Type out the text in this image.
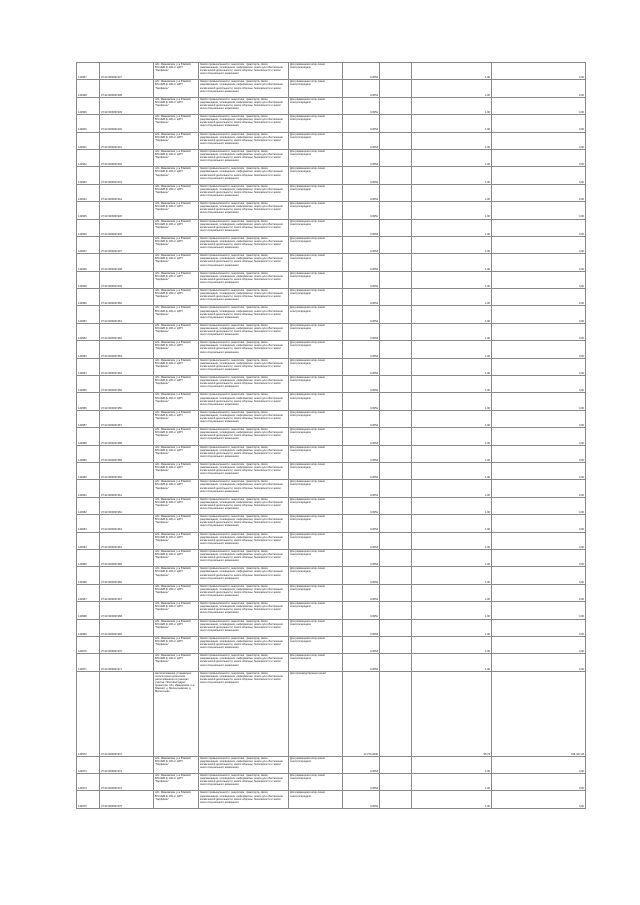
143937	37:22:000000:937	обл. Ивановская, р-н Южский, ВЛ-10кВ ф.106 от ЦРП "Гарфинон"	Земли промышленности, энергетики, транспорта, связи, радиовещания, телевидения, информатики, земли для обеспечения космической деятельности, земли обороны, безопасности и земли иного специального назначения	Для размещения опор линии электропередачи	0,0054		1,00	0,00
143938	37:22:000000:938	обл. Ивановская, р-н Южский, ВЛ-10кВ ф.106 от ЦРП "Гарфинон"	Земли промышленности, энергетики, транспорта, связи, радиовещания, телевидения, информатики, земли для обеспечения космической деятельности, земли обороны, безопасности и земли иного специального назначения	Для размещения опор линии электропередачи	0,0054		1,00	0,00
143939	37:22:000000:939	обл. Ивановская, р-н Южский, ВЛ-10кВ ф.106 от ЦРП "Гарфинон"	Земли промышленности, энергетики, транспорта, связи, радиовещания, телевидения, информатики, земли для обеспечения космической деятельности, земли обороны, безопасности и земли иного специального назначения	Для размещения опор линии электропередачи	0,0054		1,00	0,00
143940	37:22:000000:940	обл. Ивановская, р-н Южский, ВЛ-10кВ ф.106 от ЦРП "Гарфинон"	Земли промышленности, энергетики, транспорта, связи, радиовещания, телевидения, информатики, земли для обеспечения космической деятельности, земли обороны, безопасности и земли иного специального назначения	Для размещения опор линии электропередачи	0,0054		1,00	0,00
143941	37:22:000000:941	обл. Ивановская, р-н Южский, ВЛ-10кВ ф.106 от ЦРП "Гарфинон"	Земли промышленности, энергетики, транспорта, связи, радиовещания, телевидения, информатики, земли для обеспечения космической деятельности, земли обороны, безопасности и земли иного специального назначения	Для размещения опор линии электропередачи	0,0054		1,00	0,00
143942	37:22:000000:942	обл. Ивановская, р-н Южский, ВЛ-10кВ ф.106 от ЦРП "Гарфинон"	Земли промышленности, энергетики, транспорта, связи, радиовещания, телевидения, информатики, земли для обеспечения космической деятельности, земли обороны, безопасности и земли иного специального назначения	Для размещения опор линии электропередачи	0,0054		1,00	0,00
143943	37:22:000000:943	обл. Ивановская, р-н Южский, ВЛ-10кВ ф.106 от ЦРП "Гарфинон"	Земли промышленности, энергетики, транспорта, связи, радиовещания, телевидения, информатики, земли для обеспечения космической деятельности, земли обороны, безопасности и земли иного специального назначения	Для размещения опор линии электропередачи	0,0054		1,00	0,00
143944	37:22:000000:944	обл. Ивановская, р-н Южский, ВЛ-10кВ ф.106 от ЦРП "Гарфинон"	Земли промышленности, энергетики, транспорта, связи, радиовещания, телевидения, информатики, земли для обеспечения космической деятельности, земли обороны, безопасности и земли иного специального назначения	Для размещения опор линии электропередачи	0,0054		1,00	0,00
143945	37:22:000000:945	обл. Ивановская, р-н Южский, ВЛ-10кВ ф.106 от ЦРП "Гарфинон"	Земли промышленности, энергетики, транспорта, связи, радиовещания, телевидения, информатики, земли для обеспечения космической деятельности, земли обороны, безопасности и земли иного специального назначения	Для размещения опор линии электропередачи	0,0054		1,00	0,00
143946	37:22:000000:946	обл. Ивановская, р-н Южский, ВЛ-10кВ ф.106 от ЦРП "Гарфинон"	Земли промышленности, энергетики, транспорта, связи, радиовещания, телевидения, информатики, земли для обеспечения космической деятельности, земли обороны, безопасности и земли иного специального назначения	Для размещения опор линии электропередачи	0,0054		1,00	0,00
143947	37:22:000000:947	обл. Ивановская, р-н Южский, ВЛ-10кВ ф.106 от ЦРП "Гарфинон"	Земли промышленности, энергетики, транспорта, связи, радиовещания, телевидения, информатики, земли для обеспечения космической деятельности, земли обороны, безопасности и земли иного специального назначения	Для размещения опор линии электропередачи	0,0054		1,00	0,00
143948	37:22:000000:948	обл. Ивановская, р-н Южский, ВЛ-10кВ ф.106 от ЦРП "Гарфинон"	Земли промышленности, энергетики, транспорта, связи, радиовещания, телевидения, информатики, земли для обеспечения космической деятельности, земли обороны, безопасности и земли иного специального назначения	Для размещения опор линии электропередачи	0,0054		1,00	0,00
143949	37:22:000000:949	обл. Ивановская, р-н Южский, ВЛ-10кВ ф.106 от ЦРП "Гарфинон"	Земли промышленности, энергетики, транспорта, связи, радиовещания, телевидения, информатики, земли для обеспечения космической деятельности, земли обороны, безопасности и земли иного специального назначения	Для размещения опор линии электропередачи	0,0054		1,00	0,00
143950	37:22:000000:950	обл. Ивановская, р-н Южский, ВЛ-10кВ ф.106 от ЦРП "Гарфинон"	Земли промышленности, энергетики, транспорта, связи, радиовещания, телевидения, информатики, земли для обеспечения космической деятельности, земли обороны, безопасности и земли иного специального назначения	Для размещения опор линии электропередачи	0,0054		1,00	0,00
143951	37:22:000000:951	обл. Ивановская, р-н Южский, ВЛ-10кВ ф.106 от ЦРП "Гарфинон"	Земли промышленности, энергетики, транспорта, связи, радиовещания, телевидения, информатики, земли для обеспечения космической деятельности, земли обороны, безопасности и земли иного специального назначения	Для размещения опор линии электропередачи	0,0054		1,00	0,00
143952	37:22:000000:952	обл. Ивановская, р-н Южский, ВЛ-10кВ ф.106 от ЦРП "Гарфинон"	Земли промышленности, энергетики, транспорта, связи, радиовещания, телевидения, информатики, земли для обеспечения космической деятельности, земли обороны, безопасности и земли иного специального назначения	Для размещения опор линии электропередачи	0,0054		1,00	0,00
143953	37:22:000000:953	обл. Ивановская, р-н Южский, ВЛ-10кВ ф.106 от ЦРП "Гарфинон"	Земли промышленности, энергетики, транспорта, связи, радиовещания, телевидения, информатики, земли для обеспечения космической деятельности, земли обороны, безопасности и земли иного специального назначения	Для размещения опор линии электропередачи	0,0054		1,00	0,00
143954	37:22:000000:954	обл. Ивановская, р-н Южский, ВЛ-10кВ ф.106 от ЦРП "Гарфинон"	Земли промышленности, энергетики, транспорта, связи, радиовещания, телевидения, информатики, земли для обеспечения космической деятельности, земли обороны, безопасности и земли иного специального назначения	Для размещения опор линии электропередачи	0,0054		1,00	0,00
143955	37:22:000000:955	обл. Ивановская, р-н Южский, ВЛ-10кВ ф.106 от ЦРП "Гарфинон"	Земли промышленности, энергетики, транспорта, связи, радиовещания, телевидения, информатики, земли для обеспечения космической деятельности, земли обороны, безопасности и земли иного специального назначения	Для размещения опор линии электропередачи	0,0054		1,00	0,00
143956	37:22:000000:956	обл. Ивановская, р-н Южский, ВЛ-10кВ ф.106 от ЦРП "Гарфинон"	Земли промышленности, энергетики, транспорта, связи, радиовещания, телевидения, информатики, земли для обеспечения космической деятельности, земли обороны, безопасности и земли иного специального назначения	Для размещения опор линии электропередачи	0,0054		1,00	0,00
143957	37:22:000000:957	обл. Ивановская, р-н Южский, ВЛ-10кВ ф.106 от ЦРП "Гарфинон"	Земли промышленности, энергетики, транспорта, связи, радиовещания, телевидения, информатики, земли для обеспечения космической деятельности, земли обороны, безопасности и земли иного специального назначения	Для размещения опор линии электропередачи	0,0054		1,00	0,00
143958	37:22:000000:958	обл. Ивановская, р-н Южский, ВЛ-10кВ ф.106 от ЦРП "Гарфинон"	Земли промышленности, энергетики, транспорта, связи, радиовещания, телевидения, информатики, земли для обеспечения космической деятельности, земли обороны, безопасности и земли иного специального назначения	Для размещения опор линии электропередачи	0,0054		1,00	0,00
143959	37:22:000000:959	обл. Ивановская, р-н Южский, ВЛ-10кВ ф.106 от ЦРП "Гарфинон"	Земли промышленности, энергетики, транспорта, связи, радиовещания, телевидения, информатики, земли для обеспечения космической деятельности, земли обороны, безопасности и земли иного специального назначения	Для размещения опор линии электропередачи	0,0054		1,00	0,00
143960	37:22:000000:960	обл. Ивановская, р-н Южский, ВЛ-10кВ ф.106 от ЦРП "Гарфинон"	Земли промышленности, энергетики, транспорта, связи, радиовещания, телевидения, информатики, земли для обеспечения космической деятельности, земли обороны, безопасности и земли иного специального назначения	Для размещения опор линии электропередачи	0,0054		1,00	0,00
143961	37:22:000000:961	обл. Ивановская, р-н Южский, ВЛ-10кВ ф.106 от ЦРП "Гарфинон"	Земли промышленности, энергетики, транспорта, связи, радиовещания, телевидения, информатики, земли для обеспечения космической деятельности, земли обороны, безопасности и земли иного специального назначения	Для размещения опор линии электропередачи	0,0054		1,00	0,00
143962	37:22:000000:962	обл. Ивановская, р-н Южский, ВЛ-10кВ ф.106 от ЦРП "Гарфинон"	Земли промышленности, энергетики, транспорта, связи, радиовещания, телевидения, информатики, земли для обеспечения космической деятельности, земли обороны, безопасности и земли иного специального назначения	Для размещения опор линии электропередачи	0,0054		1,00	0,00
143963	37:22:000000:963	обл. Ивановская, р-н Южский, ВЛ-10кВ ф.106 от ЦРП "Гарфинон"	Земли промышленности, энергетики, транспорта, связи, радиовещания, телевидения, информатики, земли для обеспечения космической деятельности, земли обороны, безопасности и земли иного специального назначения	Для размещения опор линии электропередачи	0,0054		1,00	0,00
143964	37:22:000000:964	обл. Ивановская, р-н Южский, ВЛ-10кВ ф.106 от ЦРП "Гарфинон"	Земли промышленности, энергетики, транспорта, связи, радиовещания, телевидения, информатики, земли для обеспечения космической деятельности, земли обороны, безопасности и земли иного специального назначения	Для размещения опор линии электропередачи	0,0054		1,00	0,00
143965	37:22:000000:965	обл. Ивановская, р-н Южский, ВЛ-10кВ ф.106 от ЦРП "Гарфинон"	Земли промышленности, энергетики, транспорта, связи, радиовещания, телевидения, информатики, земли для обеспечения космической деятельности, земли обороны, безопасности и земли иного специального назначения	Для размещения опор линии электропередачи	0,0054		1,00	0,00
143966	37:22:000000:966	обл. Ивановская, р-н Южский, ВЛ-10кВ ф.106 от ЦРП "Гарфинон"	Земли промышленности, энергетики, транспорта, связи, радиовещания, телевидения, информатики, земли для обеспечения космической деятельности, земли обороны, безопасности и земли иного специального назначения	Для размещения опор линии электропередачи	0,0054		1,00	0,00
143967	37:22:000000:967	обл. Ивановская, р-н Южский, ВЛ-10кВ ф.106 от ЦРП "Гарфинон"	Земли промышленности, энергетики, транспорта, связи, радиовещания, телевидения, информатики, земли для обеспечения космической деятельности, земли обороны, безопасности и земли иного специального назначения	Для размещения опор линии электропередачи	0,0054		1,00	0,00
143968	37:22:000000:968	обл. Ивановская, р-н Южский, ВЛ-10кВ ф.106 от ЦРП "Гарфинон"	Земли промышленности, энергетики, транспорта, связи, радиовещания, телевидения, информатики, земли для обеспечения космической деятельности, земли обороны, безопасности и земли иного специального назначения	Для размещения опор линии электропередачи	0,0054		1,00	0,00
143969	37:22:000000:969	обл. Ивановская, р-н Южский, ВЛ-10кВ ф.106 от ЦРП "Гарфинон"	Земли промышленности, энергетики, транспорта, связи, радиовещания, телевидения, информатики, земли для обеспечения космической деятельности, земли обороны, безопасности и земли иного специального назначения	Для размещения опор линии электропередачи	0,0054		1,00	0,00
143970	37:22:000000:970	обл. Ивановская, р-н Южский, ВЛ-10кВ ф.106 от ЦРП "Гарфинон"	Земли промышленности, энергетики, транспорта, связи, радиовещания, телевидения, информатики, земли для обеспечения космической деятельности, земли обороны, безопасности и земли иного специального назначения	Для размещения опор линии электропередачи	0,0054		1,00	0,00
143971	37:22:000000:971	обл. Ивановская, р-н Южский, ВЛ-10кВ ф.106 от ЦРП "Гарфинон"	Земли промышленности, энергетики, транспорта, связи, радиовещания, телевидения, информатики, земли для обеспечения космической деятельности, земли обороны, безопасности и земли иного специального назначения	Для размещения опор линии электропередачи	0,0054		1,00	0,00
143972	37:22:000000:972	местоположение установлено относительно ориентира, расположенного в границах участка. Почтовый адрес ориентира: обл. Ивановская, р-н Южский, д. Мелентьевская, д. Мелентьево	Земли промышленности, энергетики, транспорта, связи, радиовещания, телевидения, информатики, земли для обеспечения космической деятельности, земли обороны, безопасности и земли иного специального назначения	Для производственных целей	12 274,0000		35,72	438 427,28
143973	37:22:000000:973	обл. Ивановская, р-н Южский, ВЛ-10кВ ф.106 от ЦРП "Гарфинон"	Земли промышленности, энергетики, транспорта, связи, радиовещания, телевидения, информатики, земли для обеспечения космической деятельности, земли обороны, безопасности и земли иного специального назначения	Для размещения опор линии электропередачи	0,0054		1,00	0,00
143974	37:22:000000:974	обл. Ивановская, р-н Южский, ВЛ-10кВ ф.106 от ЦРП "Гарфинон"	Земли промышленности, энергетики, транспорта, связи, радиовещания, телевидения, информатики, земли для обеспечения космической деятельности, земли обороны, безопасности и земли иного специального назначения	Для размещения опор линии электропередачи	0,0054		1,00	0,00
143975	37:22:000000:975	обл. Ивановская, р-н Южский, ВЛ-10кВ ф.106 от ЦРП "Гарфинон"	Земли промышленности, энергетики, транспорта, связи, радиовещания, телевидения, информатики, земли для обеспечения космической деятельности, земли обороны, безопасности и земли иного специального назначения	Для размещения опор линии электропередачи	0,0054		1,00	0,00
